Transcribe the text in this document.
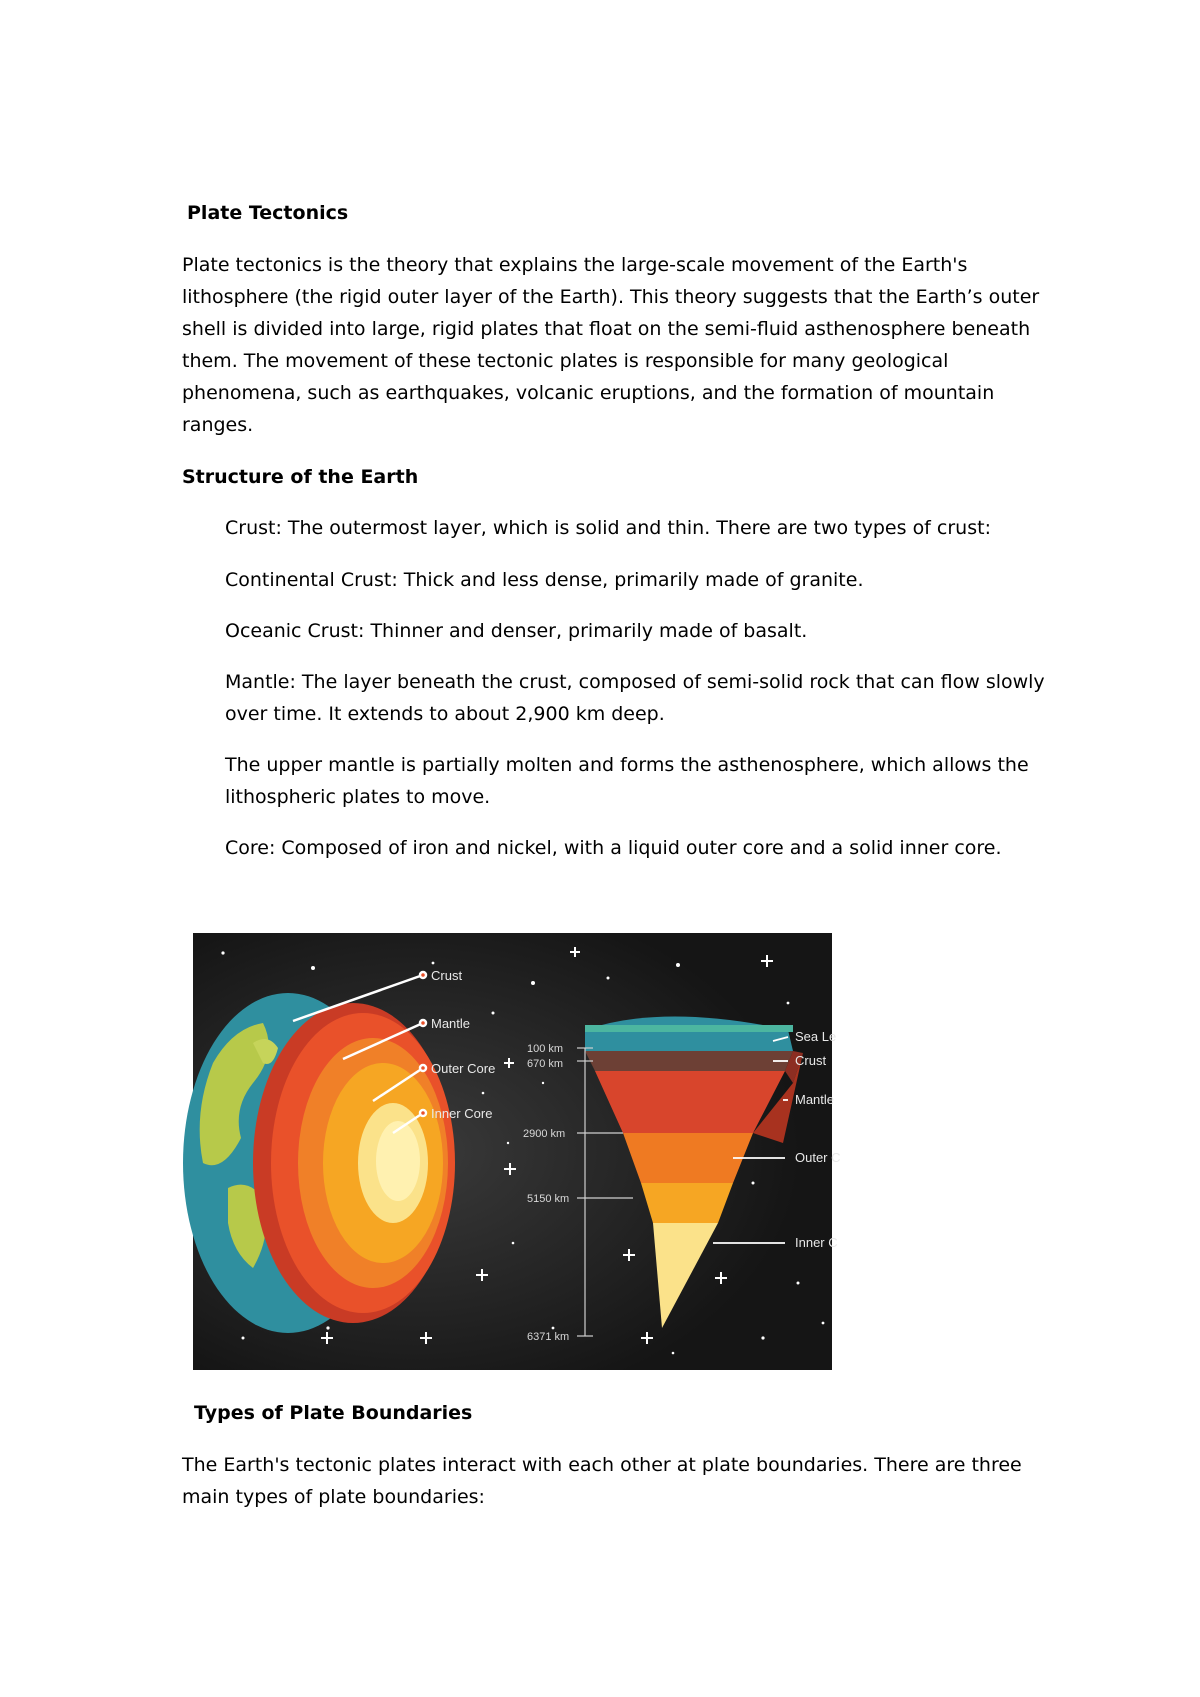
Plate Tectonics
Plate tectonics is the theory that explains the large-scale movement of the Earth's
lithosphere (the rigid outer layer of the Earth). This theory suggests that the Earth’s outer
shell is divided into large, rigid plates that float on the semi-fluid asthenosphere beneath
them. The movement of these tectonic plates is responsible for many geological
phenomena, such as earthquakes, volcanic eruptions, and the formation of mountain
ranges.
Structure of the Earth
Crust: The outermost layer, which is solid and thin. There are two types of crust:
Continental Crust: Thick and less dense, primarily made of granite.
Oceanic Crust: Thinner and denser, primarily made of basalt.
Mantle: The layer beneath the crust, composed of semi-solid rock that can flow slowly
over time. It extends to about 2,900 km deep.
The upper mantle is partially molten and forms the asthenosphere, which allows the
lithospheric plates to move.
Core: Composed of iron and nickel, with a liquid outer core and a solid inner core.
Crust
Mantle
Outer Core
Inner Core
100 km
670 km
2900 km
5150 km
6371 km
Sea Le
Crust
Mantle
Outer C
Inner C
Types of Plate Boundaries
The Earth's tectonic plates interact with each other at plate boundaries. There are three
main types of plate boundaries:
